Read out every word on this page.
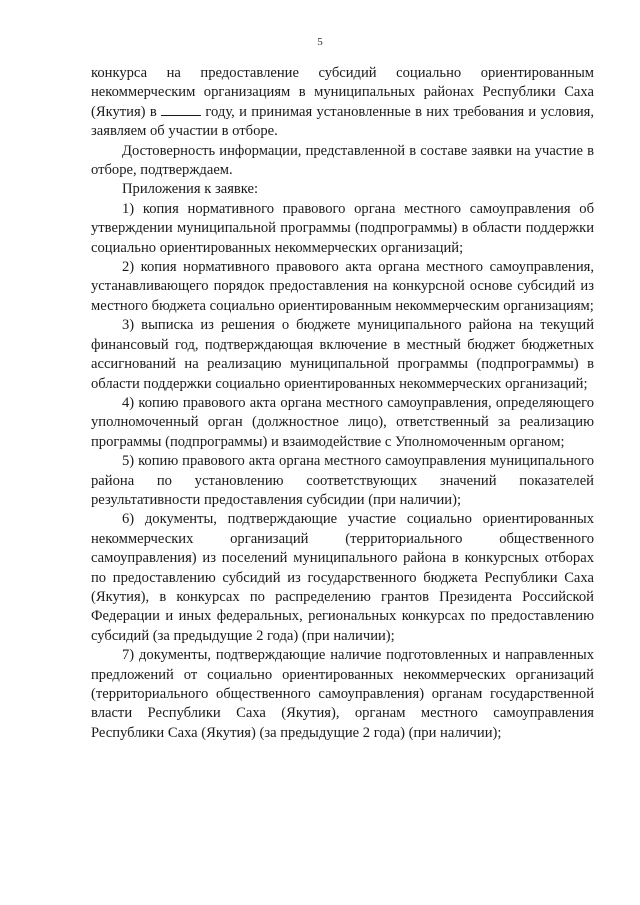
5

конкурса на предоставление субсидий социально ориентированным некоммерческим организациям в муниципальных районах Республики Саха (Якутия) в	году, и принимая установленные в них требования и условия, заявляем об участии в отборе.

Достоверность информации, представленной в составе заявки на участие в отборе, подтверждаем.

Приложения к заявке:

1) копия нормативного правового органа местного самоуправления об утверждении муниципальной программы (подпрограммы) в области поддержки социально ориентированных некоммерческих организаций;

2) копия нормативного правового акта органа местного самоуправления, устанавливающего порядок предоставления на конкурсной основе субсидий из местного бюджета социально ориентированным некоммерческим организациям;

3) выписка из решения о бюджете муниципального района на текущий финансовый год, подтверждающая включение в местный бюджет бюджетных ассигнований на реализацию муниципальной программы (подпрограммы) в области поддержки социально ориентированных некоммерческих организаций;

4) копию правового акта органа местного самоуправления, определяющего уполномоченный орган (должностное лицо), ответственный за реализацию программы (подпрограммы) и взаимодействие с Уполномоченным органом;

5) копию правового акта органа местного самоуправления муниципального района по установлению соответствующих значений показателей результативности предоставления субсидии (при наличии);

6) документы, подтверждающие участие социально ориентированных некоммерческих организаций (территориального общественного самоуправления) из поселений муниципального района в конкурсных отборах по предоставлению субсидий из государственного бюджета Республики Саха (Якутия), в конкурсах по распределению грантов Президента Российской Федерации и иных федеральных, региональных конкурсах по предоставлению субсидий (за предыдущие 2 года) (при наличии);

7) документы, подтверждающие наличие подготовленных и направленных предложений от социально ориентированных некоммерческих организаций (территориального общественного самоуправления) органам государственной власти Республики Саха (Якутия), органам местного самоуправления Республики Саха (Якутия) (за предыдущие 2 года) (при наличии);
